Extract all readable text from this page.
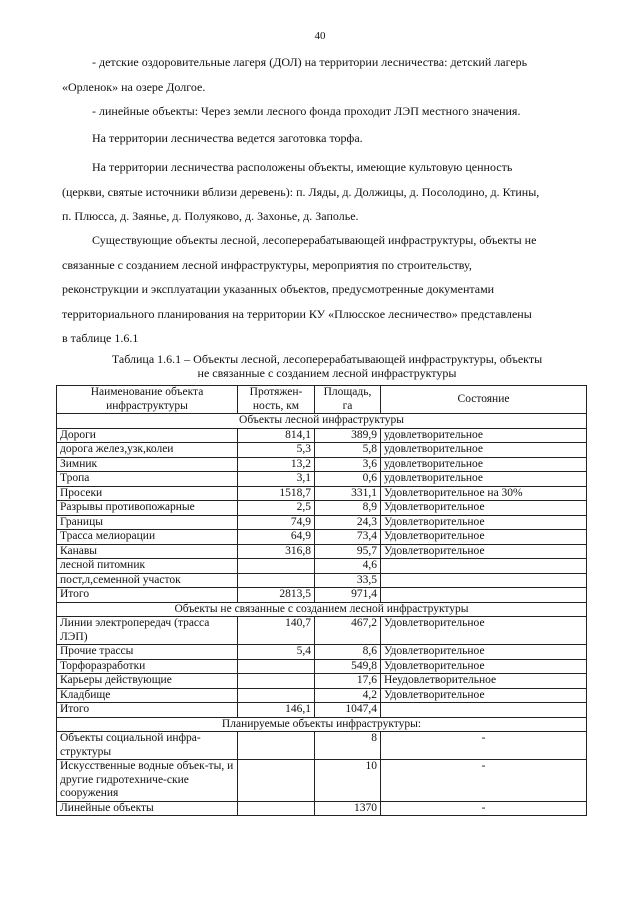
40

- детские оздоровительные лагеря (ДОЛ) на территории лесничества: детский лагерь
«Орленок» на озере Долгое.

- линейные объекты: Через земли лесного фонда проходит ЛЭП местного значения.

На территории лесничества ведется заготовка торфа.

На территории лесничества расположены объекты, имеющие культовую ценность
(церкви, святые источники вблизи деревень): п. Ляды, д. Должицы, д. Посолодино, д. Ктины,
п. Плюсса, д. Заянье, д. Полуяково, д. Захонье, д. Заполье.

Существующие объекты лесной, лесоперерабатывающей инфраструктуры, объекты не
связанные с созданием лесной инфраструктуры, мероприятия по строительству,
реконструкции и эксплуатации указанных объектов, предусмотренные документами
территориального планирования на территории КУ «Плюсское лесничество» представлены
в таблице 1.6.1

Таблица 1.6.1 – Объекты лесной, лесоперерабатывающей инфраструктуры, объекты
не связанные с созданием лесной инфраструктуры
Наименование объекта инфраструктуры	Протяжен-ность, км	Площадь, га	Состояние
Объекты лесной инфраструктуры			
Дороги	814,1	389,9	удовлетворительное
дорога желез,узк,колеи	5,3	5,8	удовлетворительное
Зимник	13,2	3,6	удовлетворительное
Тропа	3,1	0,6	удовлетворительное
Просеки	1518,7	331,1	Удовлетворительное на 30%
Разрывы противопожарные	2,5	8,9	Удовлетворительное
Границы	74,9	24,3	Удовлетворительное
Трасса мелиорации	64,9	73,4	Удовлетворительное
Канавы	316,8	95,7	Удовлетворительное
лесной питомник		4,6	
пост,л,семенной участок		33,5	
Итого	2813,5	971,4	
Объекты не связанные с созданием лесной инфраструктуры			
Линии электропередач (трасса ЛЭП)	140,7	467,2	Удовлетворительное
Прочие трассы	5,4	8,6	Удовлетворительное
Торфоразработки		549,8	Удовлетворительное
Карьеры действующие		17,6	Неудовлетворительное
Кладбище		4,2	Удовлетворительное
Итого	146,1	1047,4	
Планируемые объекты инфраструктуры:			
Объекты социальной инфра-структуры		8	-
Искусственные водные объек-ты, и другие гидротехниче-ские сооружения		10	-
Линейные объекты		1370	-
